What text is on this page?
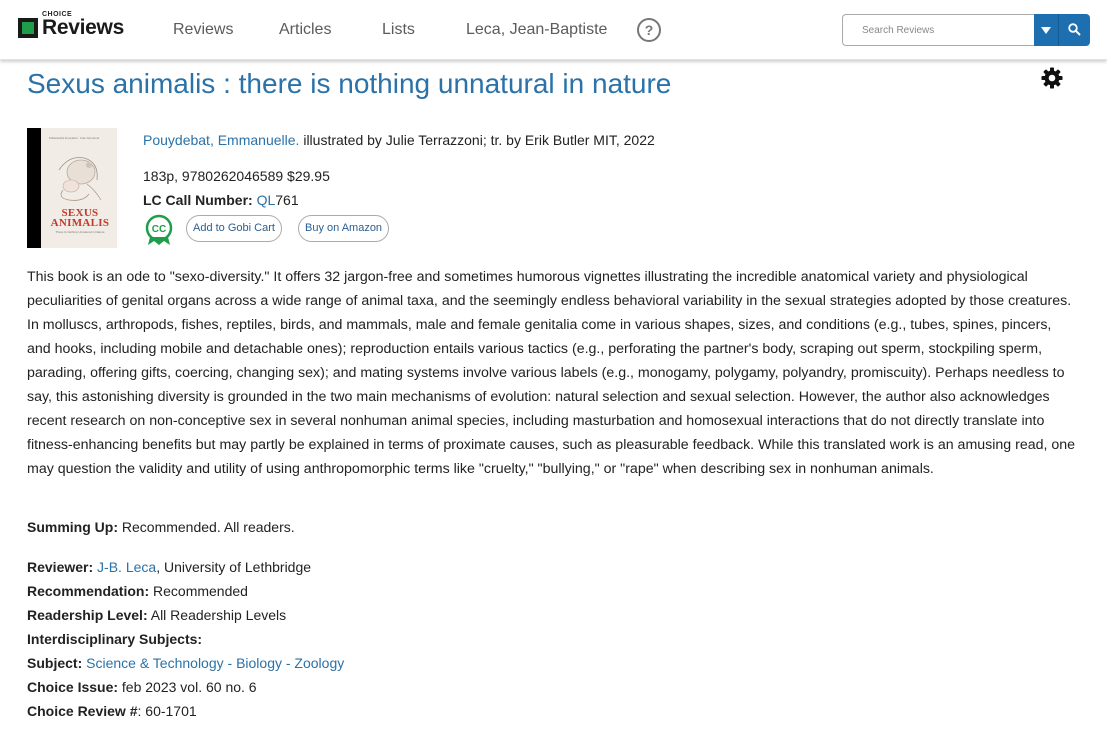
CHOICE
Reviews	Reviews	Articles	Lists	Leca, Jean-Baptiste	?
Search Reviews
Sexus animalis : there is nothing unnatural in nature
Emmanuelle Pouydebat · Julie Terrazzoni
SEXUS ANIMALIS
There Is Nothing Unnatural in Nature
Pouydebat, Emmanuelle. illustrated by Julie Terrazzoni; tr. by Erik Butler MIT, 2022
183p, 9780262046589 $29.95
LC Call Number: QL761
CC	Add to Gobi Cart	Buy on Amazon

This book is an ode to "sexo-diversity." It offers 32 jargon-free and sometimes humorous vignettes illustrating the incredible anatomical variety and physiological peculiarities of genital organs across a wide range of animal taxa, and the seemingly endless behavioral variability in the sexual strategies adopted by those creatures. In molluscs, arthropods, fishes, reptiles, birds, and mammals, male and female genitalia come in various shapes, sizes, and conditions (e.g., tubes, spines, pincers, and hooks, including mobile and detachable ones); reproduction entails various tactics (e.g., perforating the partner's body, scraping out sperm, stockpiling sperm, parading, offering gifts, coercing, changing sex); and mating systems involve various labels (e.g., monogamy, polygamy, polyandry, promiscuity). Perhaps needless to say, this astonishing diversity is grounded in the two main mechanisms of evolution: natural selection and sexual selection. However, the author also acknowledges recent research on non-conceptive sex in several nonhuman animal species, including masturbation and homosexual interactions that do not directly translate into fitness-enhancing benefits but may partly be explained in terms of proximate causes, such as pleasurable feedback. While this translated work is an amusing read, one may question the validity and utility of using anthropomorphic terms like "cruelty," "bullying," or "rape" when describing sex in nonhuman animals.

Summing Up: Recommended. All readers.
Reviewer: J-B. Leca, University of Lethbridge
Recommendation: Recommended
Readership Level: All Readership Levels
Interdisciplinary Subjects:
Subject: Science & Technology - Biology - Zoology
Choice Issue: feb 2023 vol. 60 no. 6
Choice Review #: 60-1701
